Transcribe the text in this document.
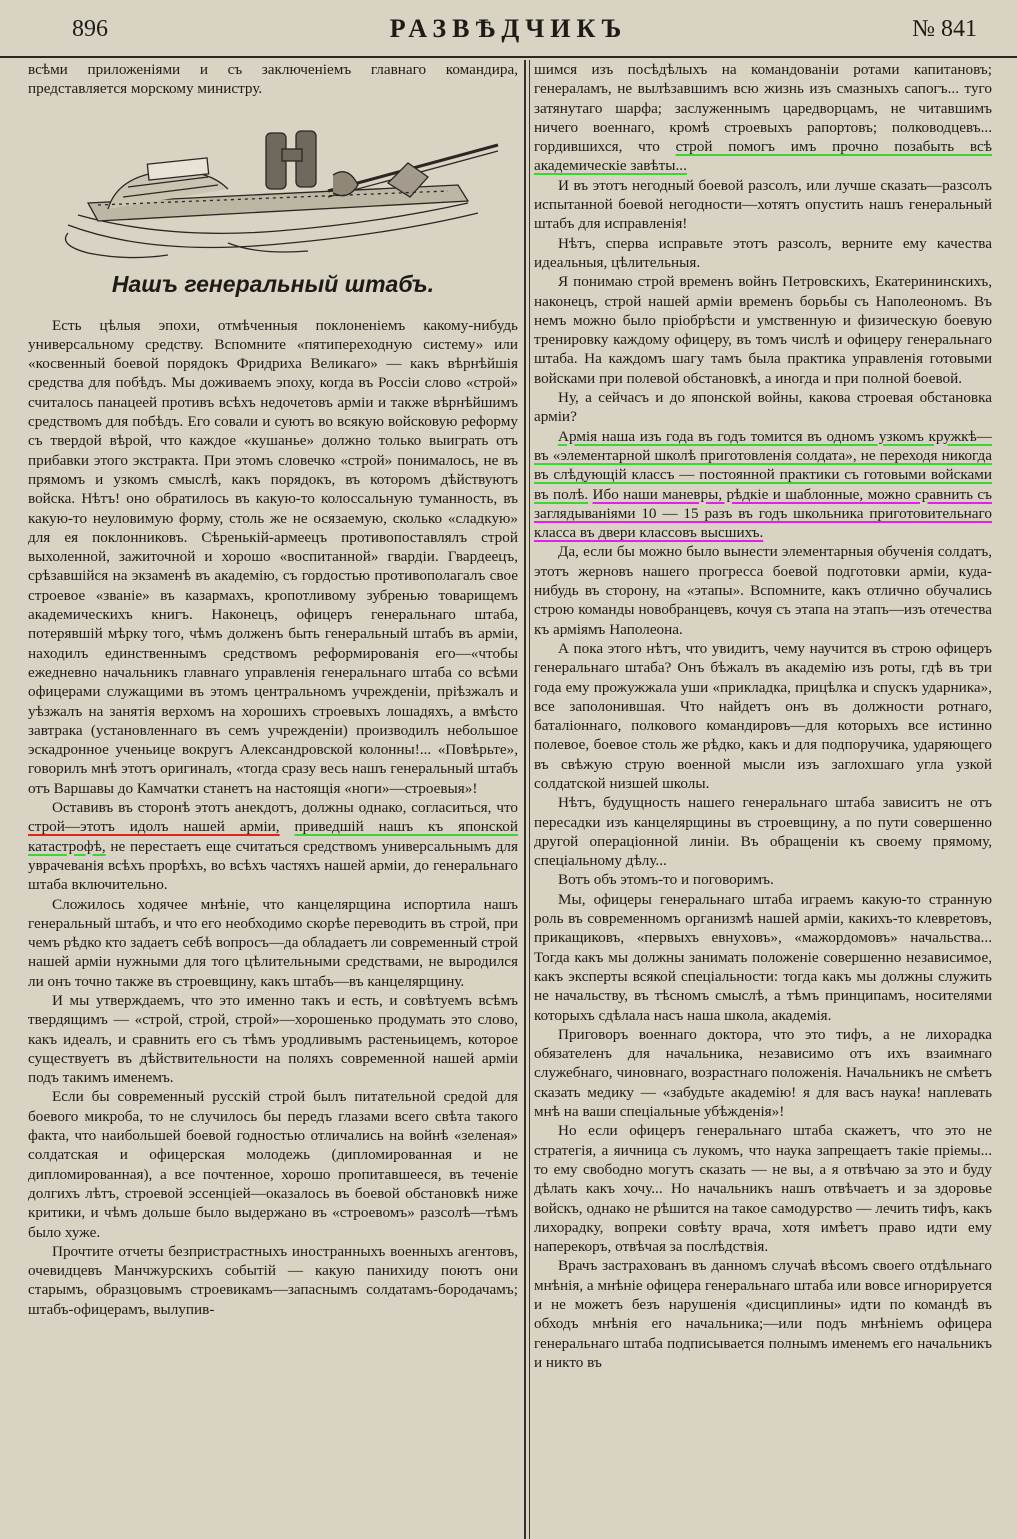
896	РАЗВѢДЧИКЪ	№ 841

всѣми приложеніями и съ заключеніемъ главнаго командира, представляется морскому министру.

Нашъ генеральный штабъ.

Есть цѣлыя эпохи, отмѣченныя поклоненіемъ какому-нибудь универсальному средству. Вспомните «пятипереходную систему» или «косвенный боевой порядокъ Фридриха Великаго» — какъ вѣрнѣйшія средства для побѣдъ. Мы доживаемъ эпоху, когда въ Россіи слово «строй» считалось панацеей противъ всѣхъ недочетовъ арміи и также вѣрнѣйшимъ средствомъ для побѣдъ. Его совали и суютъ во всякую войсковую реформу съ твердой вѣрой, что каждое «кушанье» должно только выиграть отъ прибавки этого экстракта. При этомъ словечко «строй» понималось, не въ прямомъ и узкомъ смыслѣ, какъ порядокъ, въ которомъ дѣйствуютъ войска. Нѣтъ! оно обратилось въ какую-то колоссальную туманность, въ какую-то неуловимую форму, столь же не осязаемую, сколько «сладкую» для ея поклонниковъ. Сѣренькій-армеецъ противопоставлялъ строй выхоленной, зажиточной и хорошо «воспитанной» гвардіи. Гвардеецъ, срѣзавшійся на экзаменѣ въ академію, съ гордостью противополагалъ свое строевое «званіе» въ казармахъ, кропотливому зубренью товарищемъ академическихъ книгъ. Наконецъ, офицеръ генеральнаго штаба, потерявшій мѣрку того, чѣмъ долженъ быть генеральный штабъ въ арміи, находилъ единственнымъ средствомъ реформированія его—«чтобы ежедневно начальникъ главнаго управленія генеральнаго штаба со всѣми офицерами служащими въ этомъ центральномъ учрежденіи, пріѣзжалъ и уѣзжалъ на занятія верхомъ на хорошихъ строевыхъ лошадяхъ, а вмѣсто завтрака (установленнаго въ семъ учрежденіи) производилъ небольшое эскадронное ученьице вокругъ Александровской колонны!... «Повѣрьте», говорилъ мнѣ этотъ оригиналъ, «тогда сразу весь нашъ генеральный штабъ отъ Варшавы до Камчатки станетъ на настоящія «ноги»—строевыя»!

Оставивъ въ сторонѣ этотъ анекдотъ, должны однако, согласиться, что строй—этотъ идолъ нашей арміи, приведшій нашъ къ японской катастрофѣ, не перестаетъ еще считаться средствомъ универсальнымъ для уврачеванія всѣхъ прорѣхъ, во всѣхъ частяхъ нашей арміи, до генеральнаго штаба включительно.

Сложилось ходячее мнѣніе, что канцелярщина испортила нашъ генеральный штабъ, и что его необходимо скорѣе переводить въ строй, при чемъ рѣдко кто задаетъ себѣ вопросъ—да обладаетъ ли современный строй нашей арміи нужными для того цѣлительными средствами, не выродился ли онъ точно также въ строевщину, какъ штабъ—въ канцелярщину.

И мы утверждаемъ, что это именно такъ и есть, и совѣтуемъ всѣмъ твердящимъ — «строй, строй, строй»—хорошенько продумать это слово, какъ идеалъ, и сравнить его съ тѣмъ уродливымъ растеньицемъ, которое существуетъ въ дѣйствительности на поляхъ современной нашей арміи подъ такимъ именемъ.

Если бы современный русскій строй былъ питательной средой для боевого микроба, то не случилось бы передъ глазами всего свѣта такого факта, что наибольшей боевой годностью отличались на войнѣ «зеленая» солдатская и офицерская молодежь (дипломированная и не дипломированная), а все почтенное, хорошо пропитавшееся, въ теченіе долгихъ лѣтъ, строевой эссенціей—оказалось въ боевой обстановкѣ ниже критики, и чѣмъ дольше было выдержано въ «строевомъ» разсолѣ—тѣмъ было хуже.

Прочтите отчеты безпристрастныхъ иностранныхъ военныхъ агентовъ, очевидцевъ Манчжурскихъ событій — какую панихиду поютъ они старымъ, образцовымъ строевикамъ—запаснымъ солдатамъ-бородачамъ; штабъ-офицерамъ, вылупив-

шимся изъ посѣдѣлыхъ на командованіи ротами капитановъ; генераламъ, не вылѣзавшимъ всю жизнь изъ смазныхъ сапогъ... туго затянутаго шарфа; заслуженнымъ царедворцамъ, не читавшимъ ничего военнаго, кромѣ строевыхъ рапортовъ; полководцевъ... гордившихся, что строй помогъ имъ прочно позабыть всѣ академическіе завѣты...

И въ этотъ негодный боевой разсолъ, или лучше сказать—разсолъ испытанной боевой негодности—хотятъ опустить нашъ генеральный штабъ для исправленія!

Нѣтъ, сперва исправьте этотъ разсолъ, верните ему качества идеальныя, цѣлительныя.

Я понимаю строй временъ войнъ Петровскихъ, Екатерининскихъ, наконецъ, строй нашей арміи временъ борьбы съ Наполеономъ. Въ немъ можно было пріобрѣсти и умственную и физическую боевую тренировку каждому офицеру, въ томъ числѣ и офицеру генеральнаго штаба. На каждомъ шагу тамъ была практика управленія готовыми войсками при полевой обстановкѣ, а иногда и при полной боевой.

Ну, а сейчасъ и до японской войны, какова строевая обстановка арміи?

Армія наша изъ года въ годъ томится въ одномъ узкомъ кружкѣ—въ «элементарной школѣ приготовленія солдата», не переходя никогда въ слѣдующій классъ — постоянной практики съ готовыми войсками въ полѣ. Ибо наши маневры, рѣдкіе и шаблонные, можно сравнить съ заглядываніями 10 — 15 разъ въ годъ школьника приготовительнаго класса въ двери классовъ высшихъ.

Да, если бы можно было вынести элементарныя обученія солдатъ, этотъ жерновъ нашего прогресса боевой подготовки арміи, куда-нибудь въ сторону, на «этапы». Вспомните, какъ отлично обучались строю команды новобранцевъ, кочуя съ этапа на этапъ—изъ отечества къ арміямъ Наполеона.

А пока этого нѣтъ, что увидитъ, чему научится въ строю офицеръ генеральнаго штаба? Онъ бѣжалъ въ академію изъ роты, гдѣ въ три года ему прожужжала уши «прикладка, прицѣлка и спускъ ударника», все заполонившая. Что найдетъ онъ въ должности ротнаго, баталіоннаго, полкового командировъ—для которыхъ все истинно полевое, боевое столь же рѣдко, какъ и для подпоручика, ударяющего въ свѣжую струю военной мысли изъ заглохшаго угла узкой солдатской низшей школы.

Нѣтъ, будущность нашего генеральнаго штаба зависитъ не отъ пересадки изъ канцелярщины въ строевщину, а по пути совершенно другой операціонной линіи. Въ обращеніи къ своему прямому, спеціальному дѣлу...

Вотъ объ этомъ-то и поговоримъ.

Мы, офицеры генеральнаго штаба играемъ какую-то странную роль въ современномъ организмѣ нашей арміи, какихъ-то клевретовъ, прикащиковъ, «первыхъ евнуховъ», «мажордомовъ» начальства... Тогда какъ мы должны занимать положеніе совершенно независимое, какъ эксперты всякой спеціальности: тогда какъ мы должны служить не начальству, въ тѣсномъ смыслѣ, а тѣмъ принципамъ, носителями которыхъ сдѣлала насъ наша школа, академія.

Приговоръ военнаго доктора, что это тифъ, а не лихорадка обязателенъ для начальника, независимо отъ ихъ взаимнаго служебнаго, чиновнаго, возрастнаго положенія. Начальникъ не смѣетъ сказать медику — «забудьте академію! я для васъ наука! наплевать мнѣ на ваши спеціальные убѣжденія»!

Но если офицеръ генеральнаго штаба скажетъ, что это не стратегія, а яичница съ лукомъ, что наука запрещаетъ такіе пріемы... то ему свободно могутъ сказать — не вы, а я отвѣчаю за это и буду дѣлать какъ хочу... Но начальникъ нашъ отвѣчаетъ и за здоровье войскъ, однако не рѣшится на такое самодурство — лечить тифъ, какъ лихорадку, вопреки совѣту врача, хотя имѣетъ право идти ему наперекоръ, отвѣчая за послѣдствія.

Врачъ застрахованъ въ данномъ случаѣ вѣсомъ своего отдѣльнаго мнѣнія, а мнѣніе офицера генеральнаго штаба или вовсе игнорируется и не можетъ безъ нарушенія «дисциплины» идти по командѣ въ обходъ мнѣнія его начальника;—или подъ мнѣніемъ офицера генеральнаго штаба подписывается полнымъ именемъ его начальникъ и никто въ
